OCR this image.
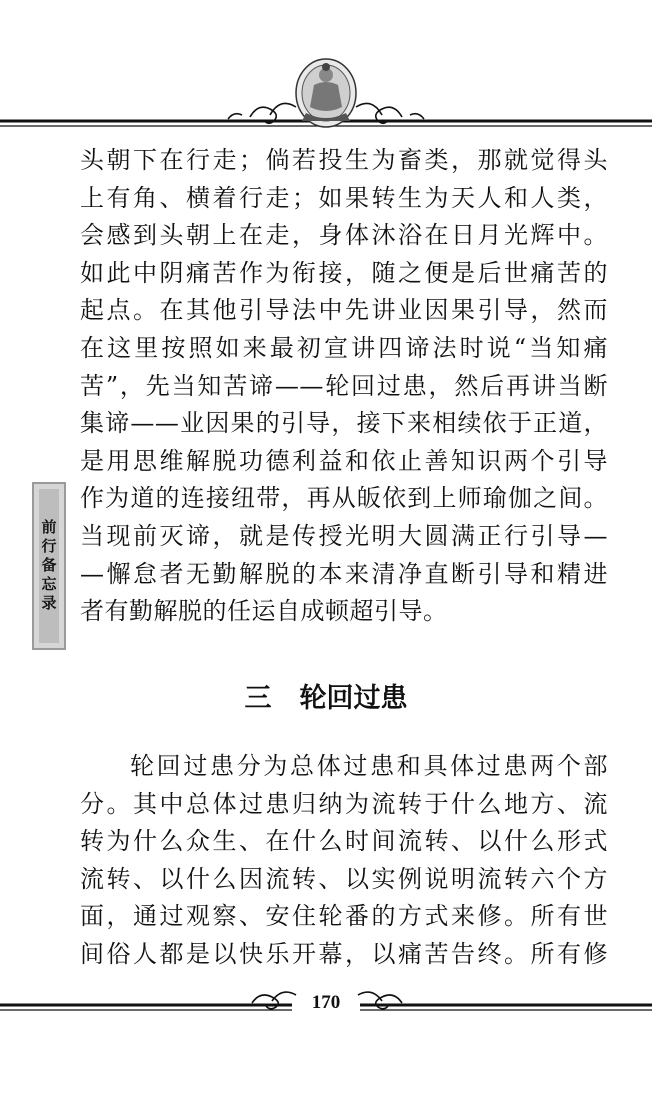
头朝下在行走；倘若投生为畜类，那就觉得头
上有角、横着行走；如果转生为天人和人类，
会感到头朝上在走，身体沐浴在日月光辉中。
如此中阴痛苦作为衔接，随之便是后世痛苦的
起点。在其他引导法中先讲业因果引导，然而
在这里按照如来最初宣讲四谛法时说“当知痛
苦”，先当知苦谛——轮回过患，然后再讲当断
集谛——业因果的引导，接下来相续依于正道，
是用思维解脱功德利益和依止善知识两个引导
作为道的连接纽带，再从皈依到上师瑜伽之间。
当现前灭谛，就是传授光明大圆满正行引导—
—懈怠者无勤解脱的本来清净直断引导和精进
者有勤解脱的任运自成顿超引导。
前行备忘录
三 轮回过患
轮回过患分为总体过患和具体过患两个部
分。其中总体过患归纳为流转于什么地方、流
转为什么众生、在什么时间流转、以什么形式
流转、以什么因流转、以实例说明流转六个方
面，通过观察、安住轮番的方式来修。所有世
间俗人都是以快乐开幕，以痛苦告终。所有修
170
